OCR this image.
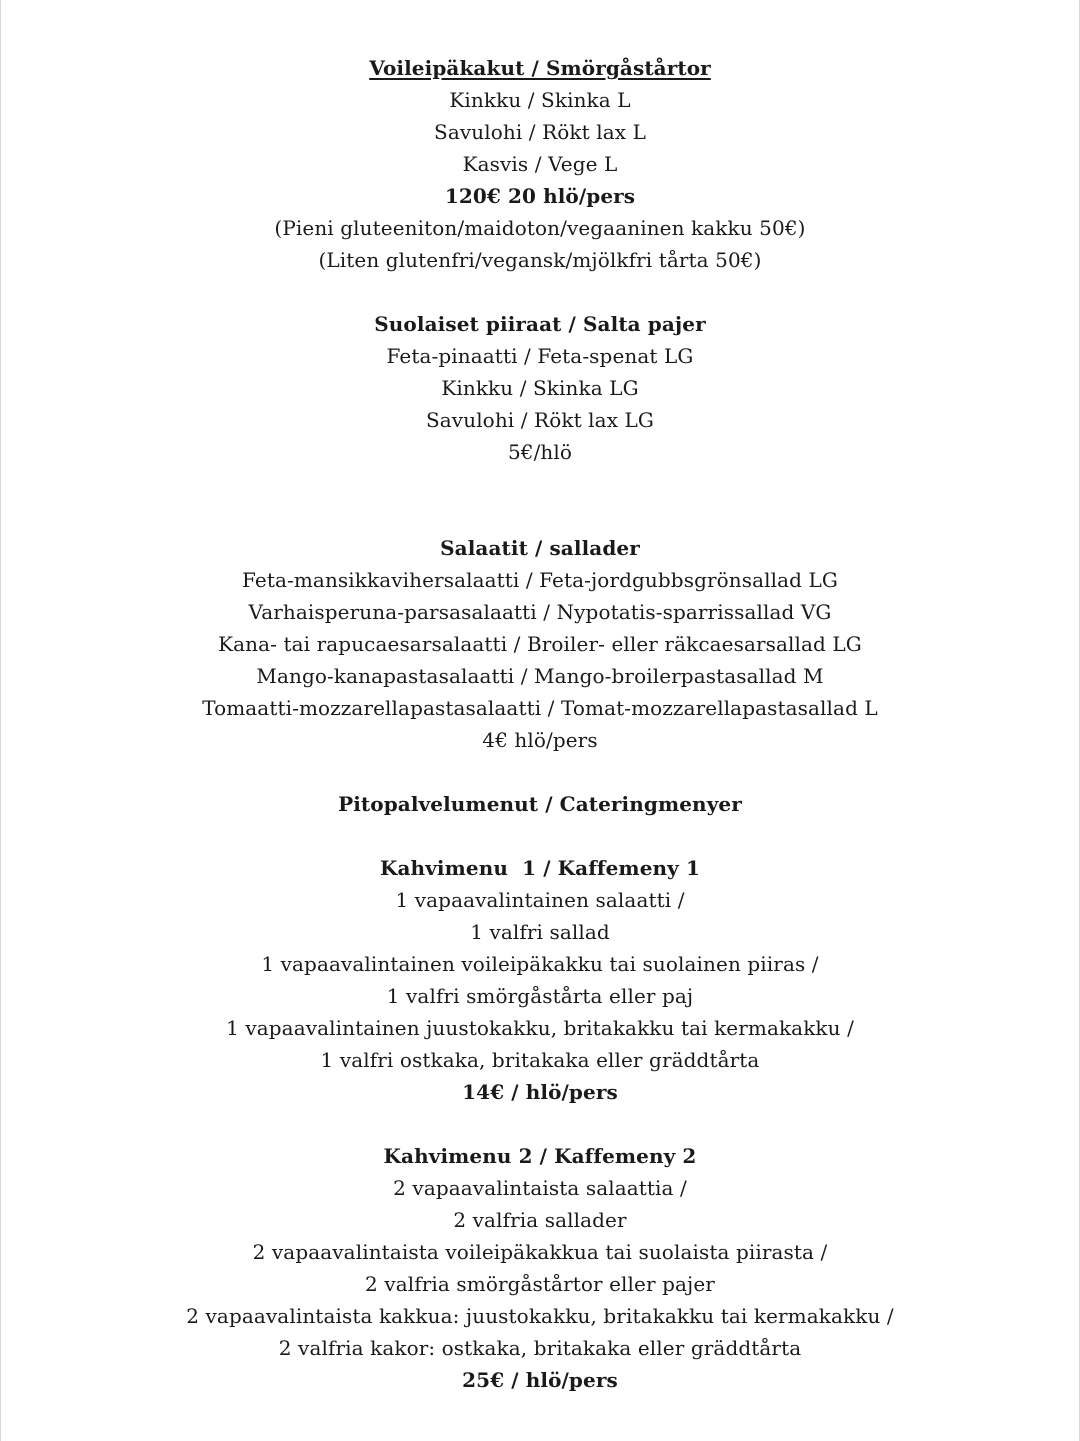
Voileipäkakut / Smörgåstårtor
Kinkku / Skinka L
Savulohi / Rökt lax L
Kasvis / Vege L
120€ 20 hlö/pers
(Pieni gluteeniton/maidoton/vegaaninen kakku 50€)
(Liten glutenfri/vegansk/mjölkfri tårta 50€)
Suolaiset piiraat / Salta pajer
Feta-pinaatti / Feta-spenat LG
Kinkku / Skinka LG
Savulohi / Rökt lax LG
5€/hlö
Salaatit / sallader
Feta-mansikkavihersalaatti / Feta-jordgubbsgrönsallad LG
Varhaisperuna-parsasalaatti / Nypotatis-sparrissallad VG
Kana- tai rapucaesarsalaatti / Broiler- eller räkcaesarsallad LG
Mango-kanapastasalaatti / Mango-broilerpastasallad M
Tomaatti-mozzarellapastasalaatti / Tomat-mozzarellapastasallad L
4€ hlö/pers
Pitopalvelumenut / Cateringmenyer
Kahvimenu  1 / Kaffemeny 1
1 vapaavalintainen salaatti /
1 valfri sallad
1 vapaavalintainen voileipäkakku tai suolainen piiras /
1 valfri smörgåstårta eller paj
1 vapaavalintainen juustokakku, britakakku tai kermakakku /
1 valfri ostkaka, britakaka eller gräddtårta
14€ / hlö/pers
Kahvimenu 2 / Kaffemeny 2
2 vapaavalintaista salaattia /
2 valfria sallader
2 vapaavalintaista voileipäkakkua tai suolaista piirasta /
2 valfria smörgåstårtor eller pajer
2 vapaavalintaista kakkua: juustokakku, britakakku tai kermakakku /
2 valfria kakor: ostkaka, britakaka eller gräddtårta
25€ / hlö/pers
